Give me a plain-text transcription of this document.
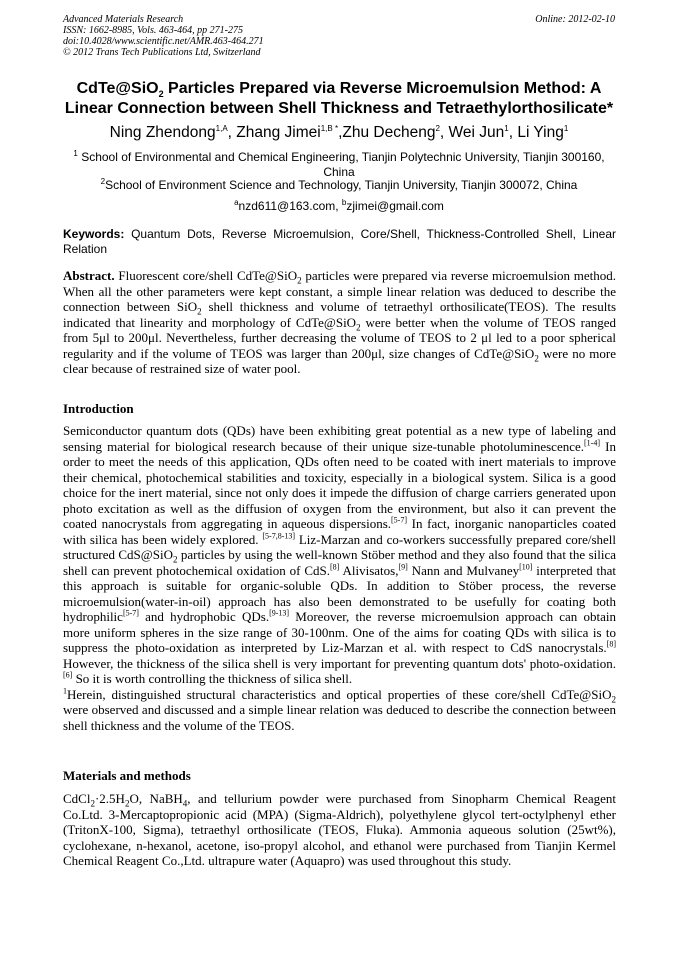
Advanced Materials Research
ISSN: 1662-8985, Vols. 463-464, pp 271-275
doi:10.4028/www.scientific.net/AMR.463-464.271
© 2012 Trans Tech Publications Ltd, Switzerland
Online: 2012-02-10
CdTe@SiO$_2$ Particles Prepared via Reverse Microemulsion Method: A
Linear Connection between Shell Thickness and Tetraethylorthosilicate*
Ning Zhendong$^{1,A}$, Zhang Jimei$^{1,B *}$,Zhu Decheng$^2$, Wei Jun$^1$, Li Ying$^1$
$^1$ School of Environmental and Chemical Engineering, Tianjin Polytechnic University, Tianjin 300160, China
$^2$School of Environment Science and Technology, Tianjin University, Tianjin 300072, China
$^a$nzd611@163.com, $^b$zjimei@gmail.com
Keywords: Quantum Dots, Reverse Microemulsion, Core/Shell, Thickness-Controlled Shell, Linear Relation
Abstract. Fluorescent core/shell CdTe@SiO$_2$ particles were prepared via reverse microemulsion method. When all the other parameters were kept constant, a simple linear relation was deduced to describe the connection between SiO$_2$ shell thickness and volume of tetraethyl orthosilicate(TEOS). The results indicated that linearity and morphology of CdTe@SiO$_2$ were better when the volume of TEOS ranged from 5μl to 200μl. Nevertheless, further decreasing the volume of TEOS to 2 μl led to a poor spherical regularity and if the volume of TEOS was larger than 200μl, size changes of CdTe@SiO$_2$ were no more clear because of restrained size of water pool.
Introduction
Semiconductor quantum dots (QDs) have been exhibiting great potential as a new type of labeling and sensing material for biological research because of their unique size-tunable photoluminescence.[1-4] In order to meet the needs of this application, QDs often need to be coated with inert materials to improve their chemical, photochemical stabilities and toxicity, especially in a biological system. Silica is a good choice for the inert material, since not only does it impede the diffusion of charge carriers generated upon photo excitation as well as the diffusion of oxygen from the environment, but also it can prevent the coated nanocrystals from aggregating in aqueous dispersions.[5-7] In fact, inorganic nanoparticles coated with silica has been widely explored. [5-7,8-13] Liz-Marzan and co-workers successfully prepared core/shell structured CdS@SiO$_2$ particles by using the well-known Stöber method and they also found that the silica shell can prevent photochemical oxidation of CdS.[8] Alivisatos,[9] Nann and Mulvaney[10] interpreted that this approach is suitable for organic-soluble QDs. In addition to Stöber process, the reverse microemulsion(water-in-oil) approach has also been demonstrated to be usefully for coating both hydrophilic[5-7] and hydrophobic QDs.[9-13] Moreover, the reverse microemulsion approach can obtain more uniform spheres in the size range of 30-100nm. One of the aims for coating QDs with silica is to suppress the photo-oxidation as interpreted by Liz-Marzan et al. with respect to CdS nanocrystals.[8] However, the thickness of the silica shell is very important for preventing quantum dots' photo-oxidation.[6] So it is worth controlling the thickness of silica shell.
$^1$Herein, distinguished structural characteristics and optical properties of these core/shell CdTe@SiO$_2$ were observed and discussed and a simple linear relation was deduced to describe the connection between shell thickness and the volume of the TEOS.
Materials and methods
$CdCl_2\cdot 2.5H_2O$, NaBH$_4$, and tellurium powder were purchased from Sinopharm Chemical Reagent Co.Ltd. 3-Mercaptopropionic acid (MPA) (Sigma-Aldrich), polyethylene glycol tert-octylphenyl ether (TritonX-100, Sigma), tetraethyl orthosilicate (TEOS, Fluka). Ammonia aqueous solution (25wt%), cyclohexane, n-hexanol, acetone, iso-propyl alcohol, and ethanol were purchased from Tianjin Kermel Chemical Reagent Co.,Ltd. ultrapure water (Aquapro) was used throughout this study.
